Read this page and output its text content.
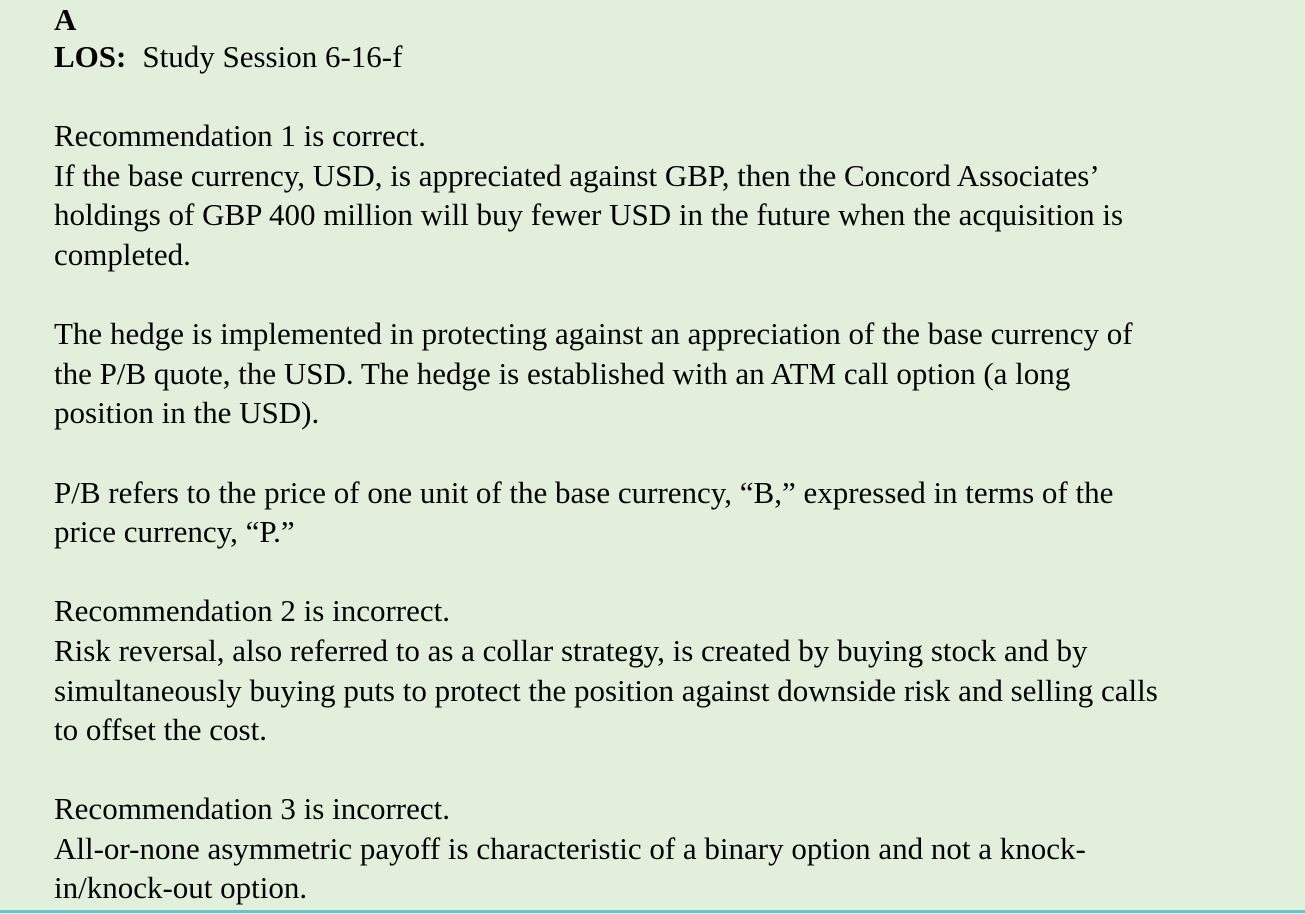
A

LOS: Study Session 6-16-f

Recommendation 1 is correct.
If the base currency, USD, is appreciated against GBP, then the Concord Associates’
holdings of GBP 400 million will buy fewer USD in the future when the acquisition is
completed.

The hedge is implemented in protecting against an appreciation of the base currency of
the P/B quote, the USD. The hedge is established with an ATM call option (a long
position in the USD).

P/B refers to the price of one unit of the base currency, “B,” expressed in terms of the
price currency, “P.”

Recommendation 2 is incorrect.
Risk reversal, also referred to as a collar strategy, is created by buying stock and by
simultaneously buying puts to protect the position against downside risk and selling calls
to offset the cost.

Recommendation 3 is incorrect.
All-or-none asymmetric payoff is characteristic of a binary option and not a knock-
in/knock-out option.
